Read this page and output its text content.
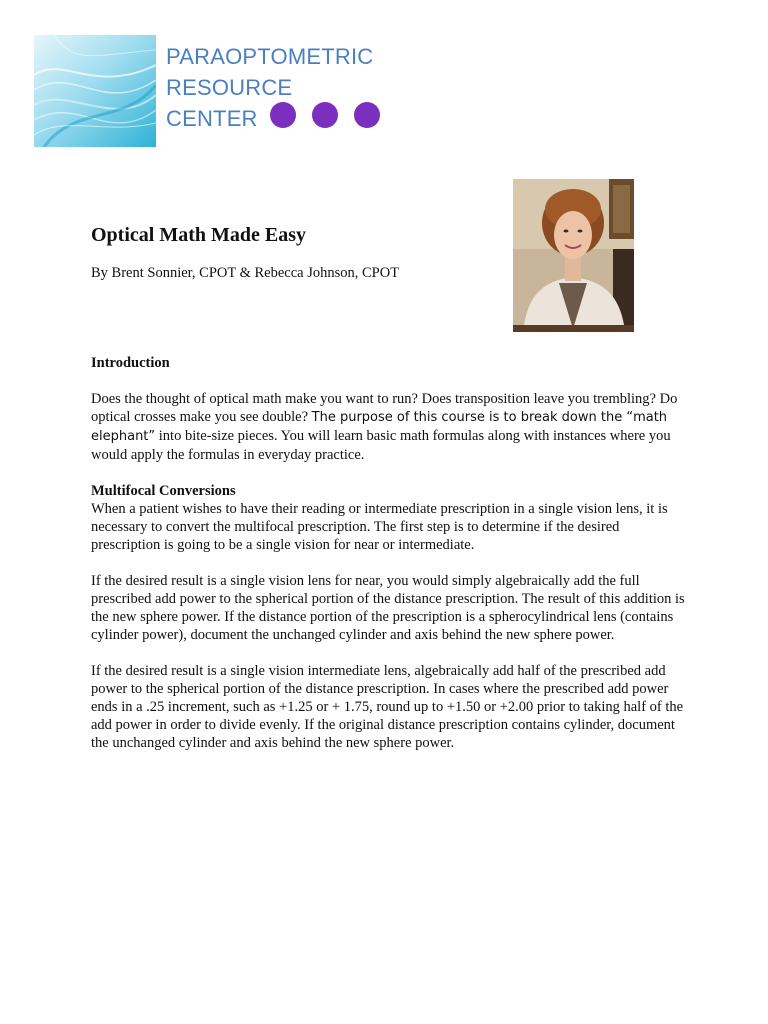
PARAOPTOMETRIC
RESOURCE
CENTER
Optical Math Made Easy

By Brent Sonnier, CPOT & Rebecca Johnson, CPOT

Introduction

Does the thought of optical math make you want to run? Does transposition leave you trembling? Do optical crosses make you see double? The purpose of this course is to break down the “math elephant” into bite-size pieces. You will learn basic math formulas along with instances where you would apply the formulas in everyday practice.

Multifocal Conversions

When a patient wishes to have their reading or intermediate prescription in a single vision lens, it is necessary to convert the multifocal prescription. The first step is to determine if the desired prescription is going to be a single vision for near or intermediate.

If the desired result is a single vision lens for near, you would simply algebraically add the full prescribed add power to the spherical portion of the distance prescription. The result of this addition is the new sphere power. If the distance portion of the prescription is a spherocylindrical lens (contains cylinder power), document the unchanged cylinder and axis behind the new sphere power.

If the desired result is a single vision intermediate lens, algebraically add half of the prescribed add power to the spherical portion of the distance prescription. In cases where the prescribed add power ends in a .25 increment, such as +1.25 or + 1.75, round up to +1.50 or +2.00 prior to taking half of the add power in order to divide evenly. If the original distance prescription contains cylinder, document the unchanged cylinder and axis behind the new sphere power.
